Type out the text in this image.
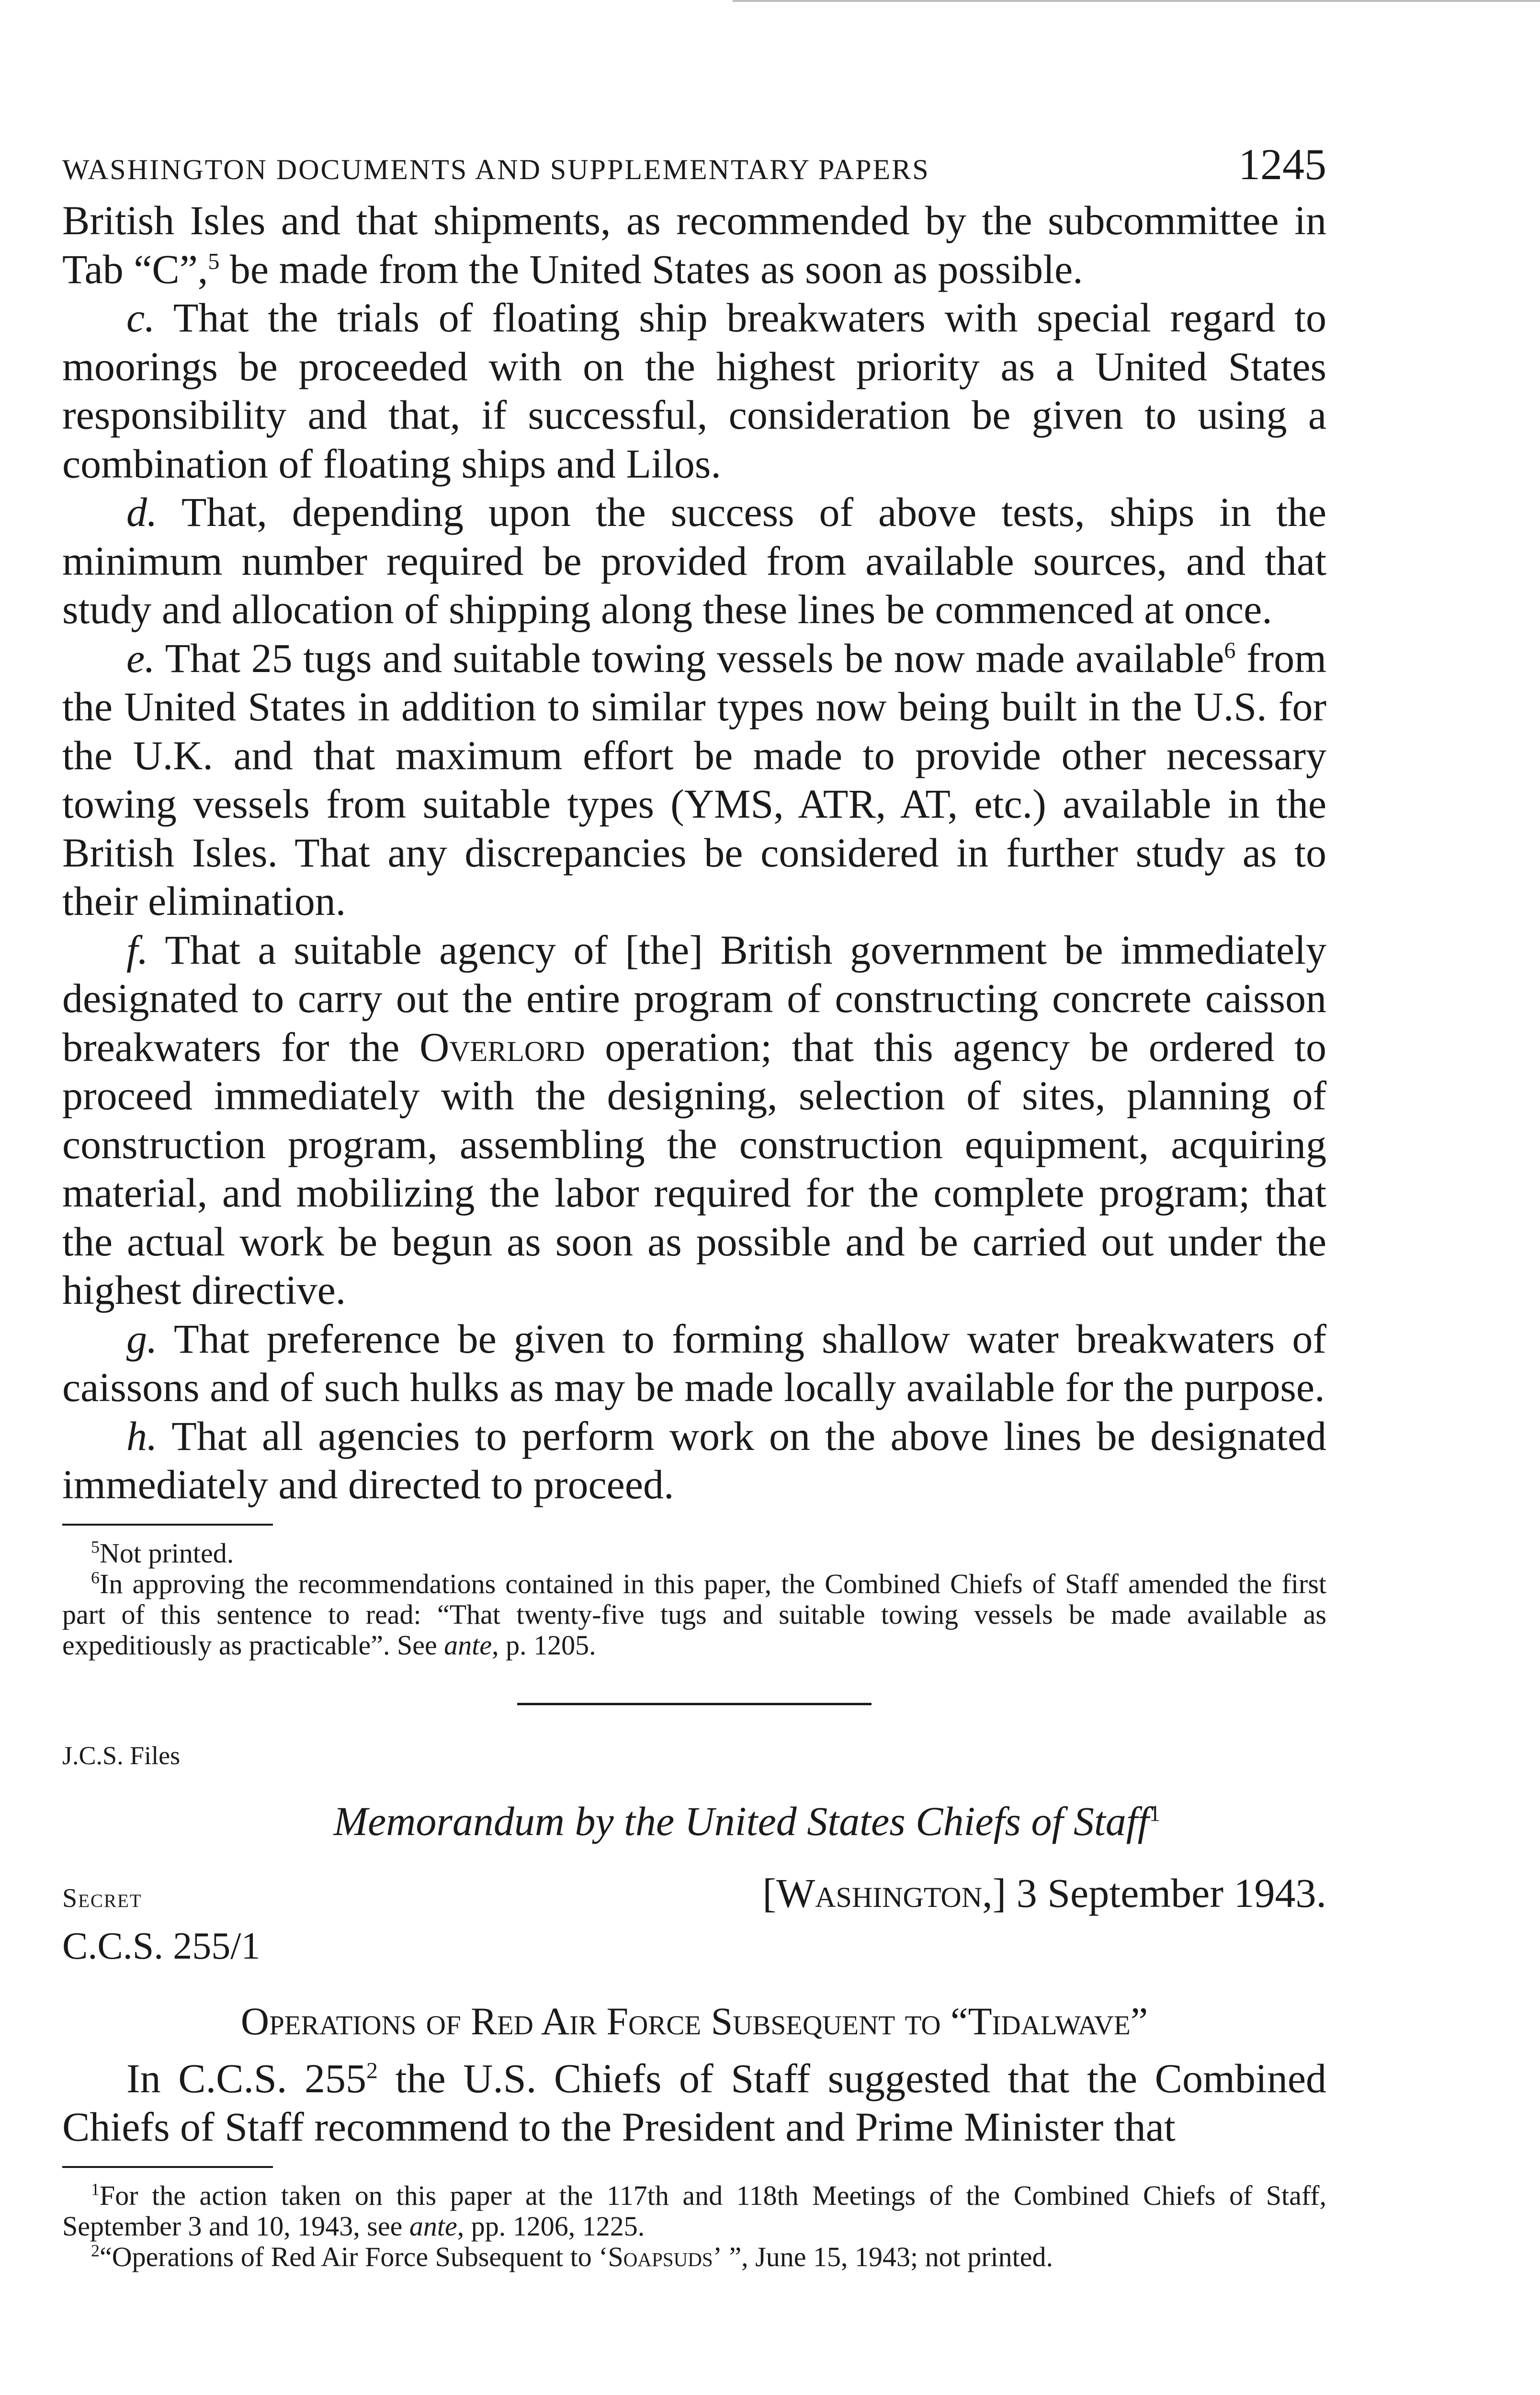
WASHINGTON DOCUMENTS AND SUPPLEMENTARY PAPERS	1245

British Isles and that shipments, as recommended by the subcommittee in Tab “C”,$^5$ be made from the United States as soon as possible.

c. That the trials of floating ship breakwaters with special regard to moorings be proceeded with on the highest priority as a United States responsibility and that, if successful, consideration be given to using a combination of floating ships and Lilos.

d. That, depending upon the success of above tests, ships in the minimum number required be provided from available sources, and that study and allocation of shipping along these lines be commenced at once.

e. That 25 tugs and suitable towing vessels be now made available$^6$ from the United States in addition to similar types now being built in the U.S. for the U.K. and that maximum effort be made to provide other necessary towing vessels from suitable types (YMS, ATR, AT, etc.) available in the British Isles. That any discrepancies be considered in further study as to their elimination.

f. That a suitable agency of [the] British government be immediately designated to carry out the entire program of constructing concrete caisson breakwaters for the Overlord operation; that this agency be ordered to proceed immediately with the designing, selection of sites, planning of construction program, assembling the construction equipment, acquiring material, and mobilizing the labor required for the complete program; that the actual work be begun as soon as possible and be carried out under the highest directive.

g. That preference be given to forming shallow water breakwaters of caissons and of such hulks as may be made locally available for the purpose.

h. That all agencies to perform work on the above lines be designated immediately and directed to proceed.

$^5$Not printed.

$^6$In approving the recommendations contained in this paper, the Combined Chiefs of Staff amended the first part of this sentence to read: “That twenty-five tugs and suitable towing vessels be made available as expeditiously as practicable”. See ante, p. 1205.

J.C.S. Files
Memorandum by the United States Chiefs of Staff$^1$
Secret	[Washington,] 3 September 1943.
C.C.S. 255/1
Operations of Red Air Force Subsequent to “Tidalwave”

In C.C.S. 255$^2$ the U.S. Chiefs of Staff suggested that the Combined Chiefs of Staff recommend to the President and Prime Minister that

$^1$For the action taken on this paper at the 117th and 118th Meetings of the Combined Chiefs of Staff, September 3 and 10, 1943, see ante, pp. 1206, 1225.

$^2$“Operations of Red Air Force Subsequent to ‘Soapsuds’ ”, June 15, 1943; not printed.
